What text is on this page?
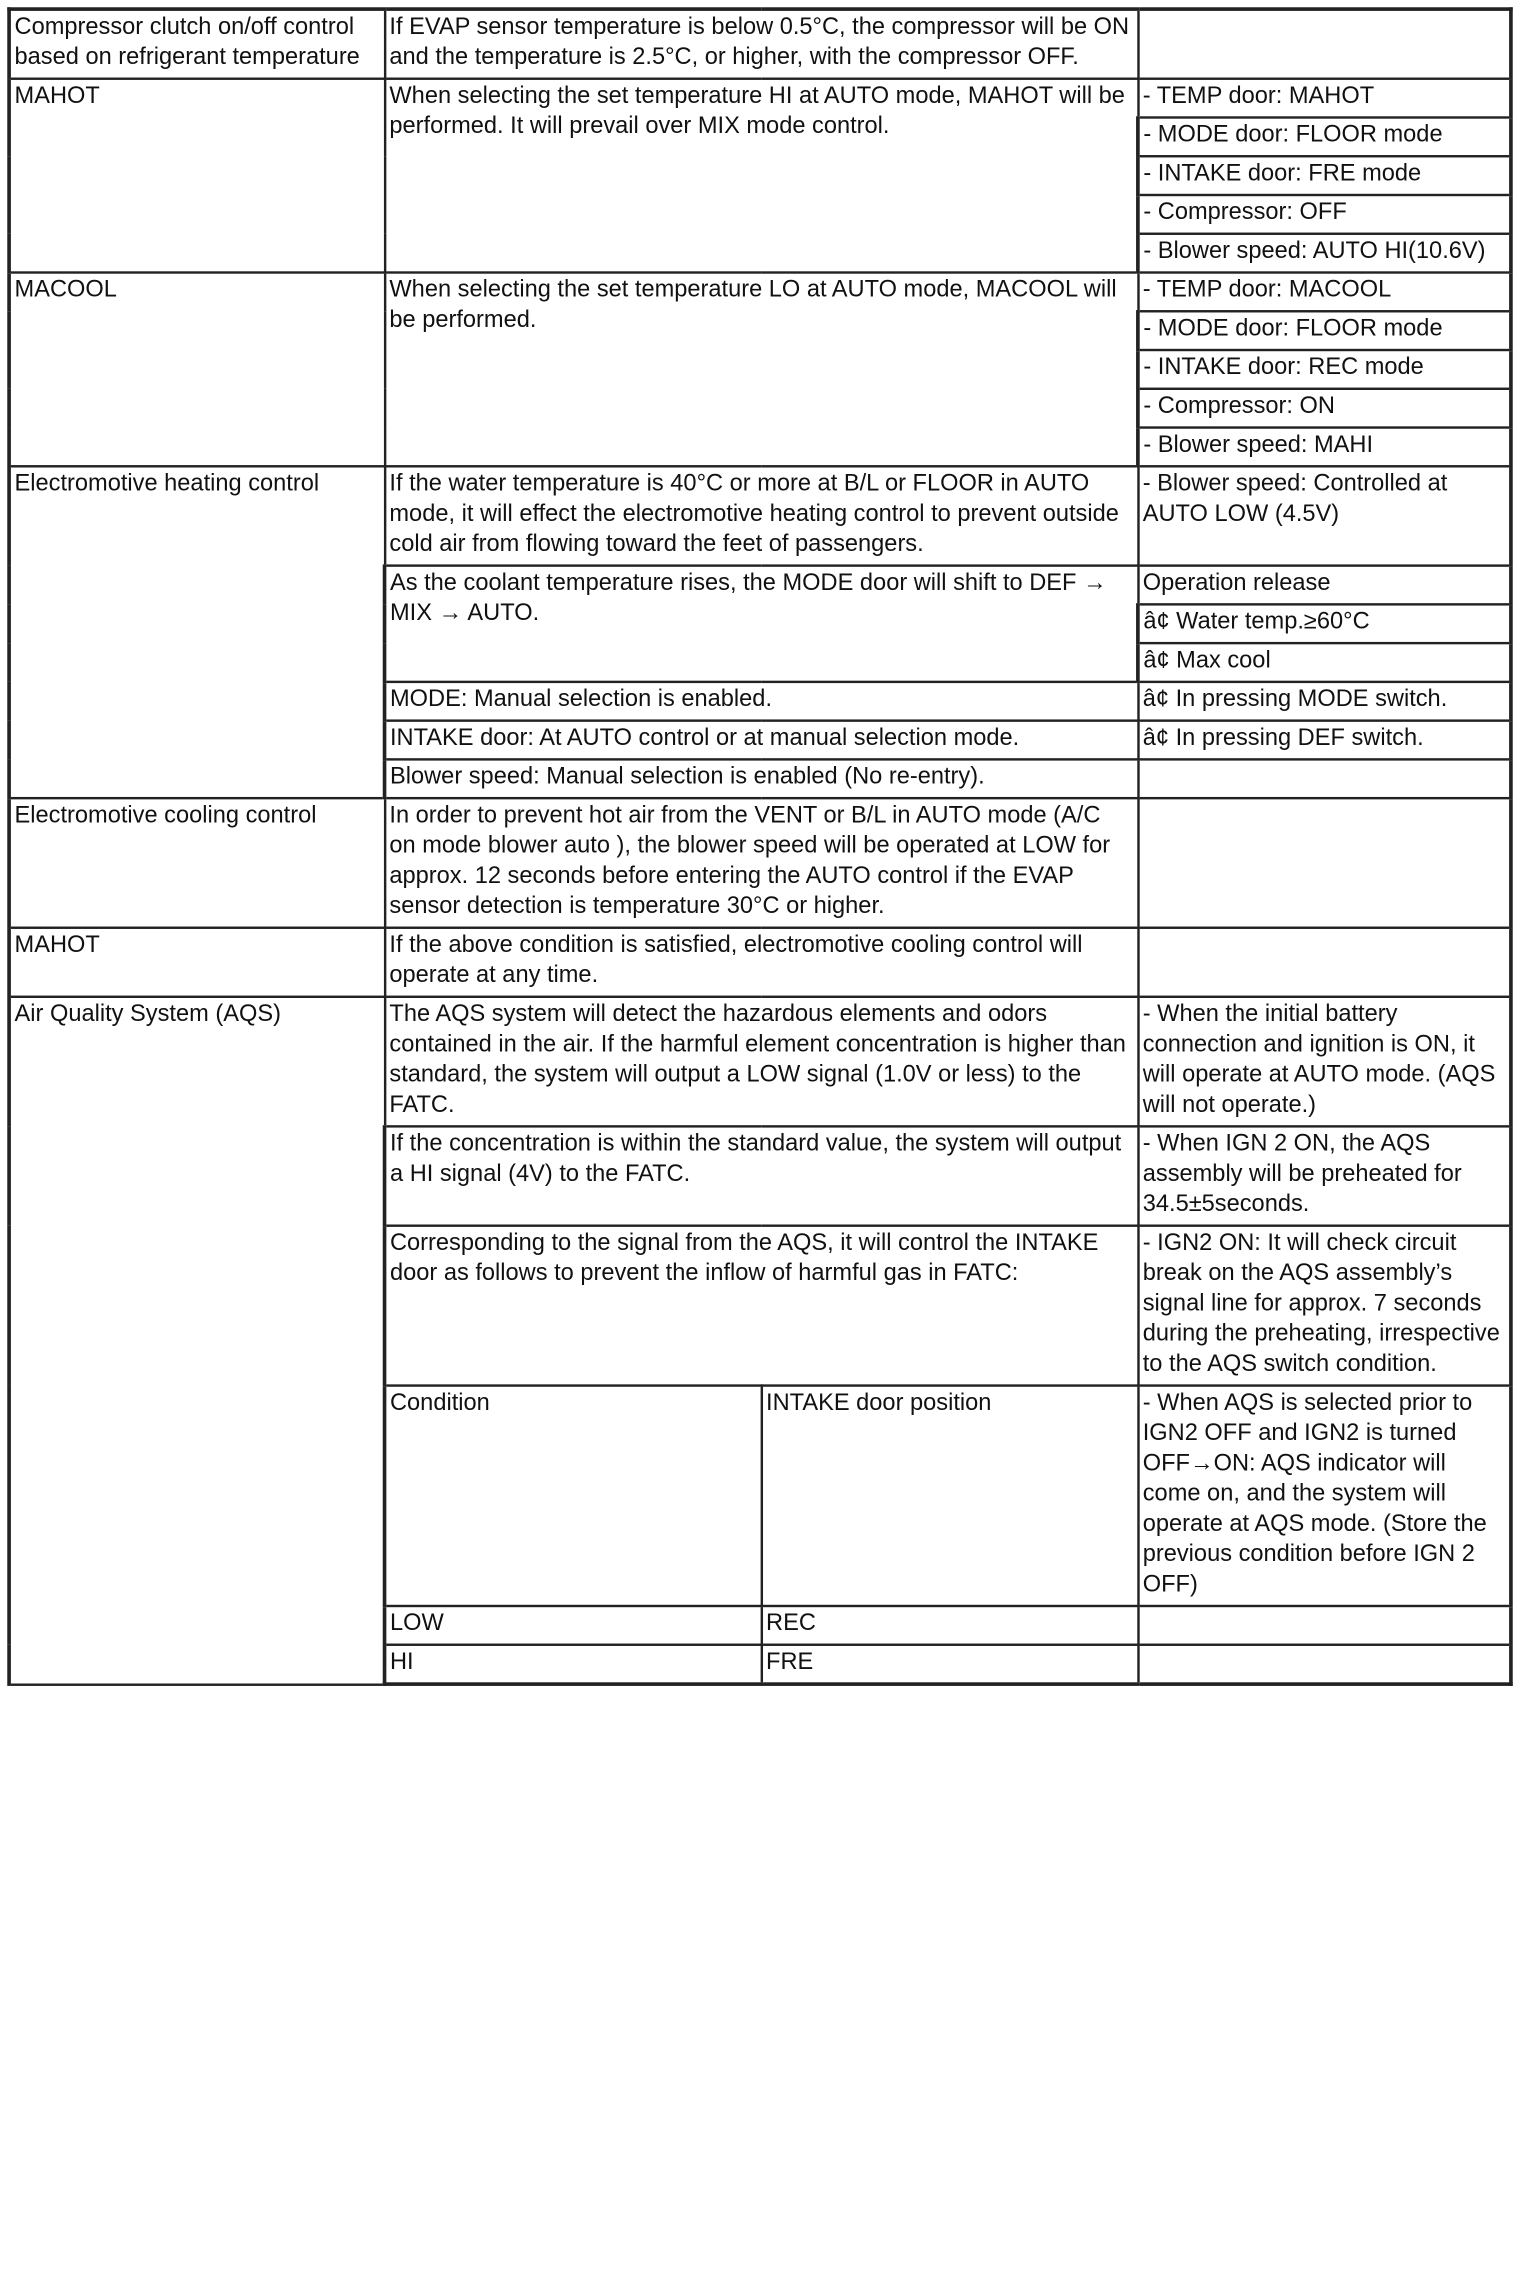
Compressor clutch on/off control based on refrigerant temperature	If EVAP sensor temperature is below 0.5°C, the compressor will be ON and the temperature is 2.5°C, or higher, with the compressor OFF.		

MAHOT	When selecting the set temperature HI at AUTO mode, MAHOT will be performed. It will prevail over MIX mode control.		- TEMP door: MAHOT

			- MODE door: FLOOR mode

			- INTAKE door: FRE mode

			- Compressor: OFF

			- Blower speed: AUTO HI(10.6V)

MACOOL	When selecting the set temperature LO at AUTO mode, MACOOL will be performed.		- TEMP door: MACOOL

			- MODE door: FLOOR mode

			- INTAKE door: REC mode

			- Compressor: ON

			- Blower speed: MAHI

Electromotive heating control	If the water temperature is 40°C or more at B/L or FLOOR in AUTO mode, it will effect the electromotive heating control to prevent outside cold air from flowing toward the feet of passengers.		- Blower speed: Controlled at AUTO LOW (4.5V)

	As the coolant temperature rises, the MODE door will shift to DEF → MIX → AUTO.		Operation release

			â¢ Water temp.≥60°C

			â¢ Max cool

	MODE: Manual selection is enabled.		â¢ In pressing MODE switch.

	INTAKE door: At AUTO control or at manual selection mode.		â¢ In pressing DEF switch.

	Blower speed: Manual selection is enabled (No re-entry).		

Electromotive cooling control	In order to prevent hot air from the VENT or B/L in AUTO mode (A/C on mode blower auto ), the blower speed will be operated at LOW for approx. 12 seconds before entering the AUTO control if the EVAP sensor detection is temperature 30°C or higher.		

MAHOT	If the above condition is satisfied, electromotive cooling control will operate at any time.		

Air Quality System (AQS)	The AQS system will detect the hazardous elements and odors contained in the air. If the harmful element concentration is higher than standard, the system will output a LOW signal (1.0V or less) to the FATC.		- When the initial battery connection and ignition is ON, it will operate at AUTO mode. (AQS will not operate.)

	If the concentration is within the standard value, the system will output a HI signal (4V) to the FATC.		- When IGN 2 ON, the AQS assembly will be preheated for 34.5±5seconds.

	Corresponding to the signal from the AQS, it will control the INTAKE door as follows to prevent the inflow of harmful gas in FATC:		- IGN2 ON: It will check circuit break on the AQS assembly’s signal line for approx. 7 seconds during the preheating, irrespective to the AQS switch condition.

	Condition	INTAKE door position	- When AQS is selected prior to IGN2 OFF and IGN2 is turned OFF→ON: AQS indicator will come on, and the system will operate at AQS mode. (Store the previous condition before IGN 2 OFF)

	LOW	REC	

	HI	FRE	
